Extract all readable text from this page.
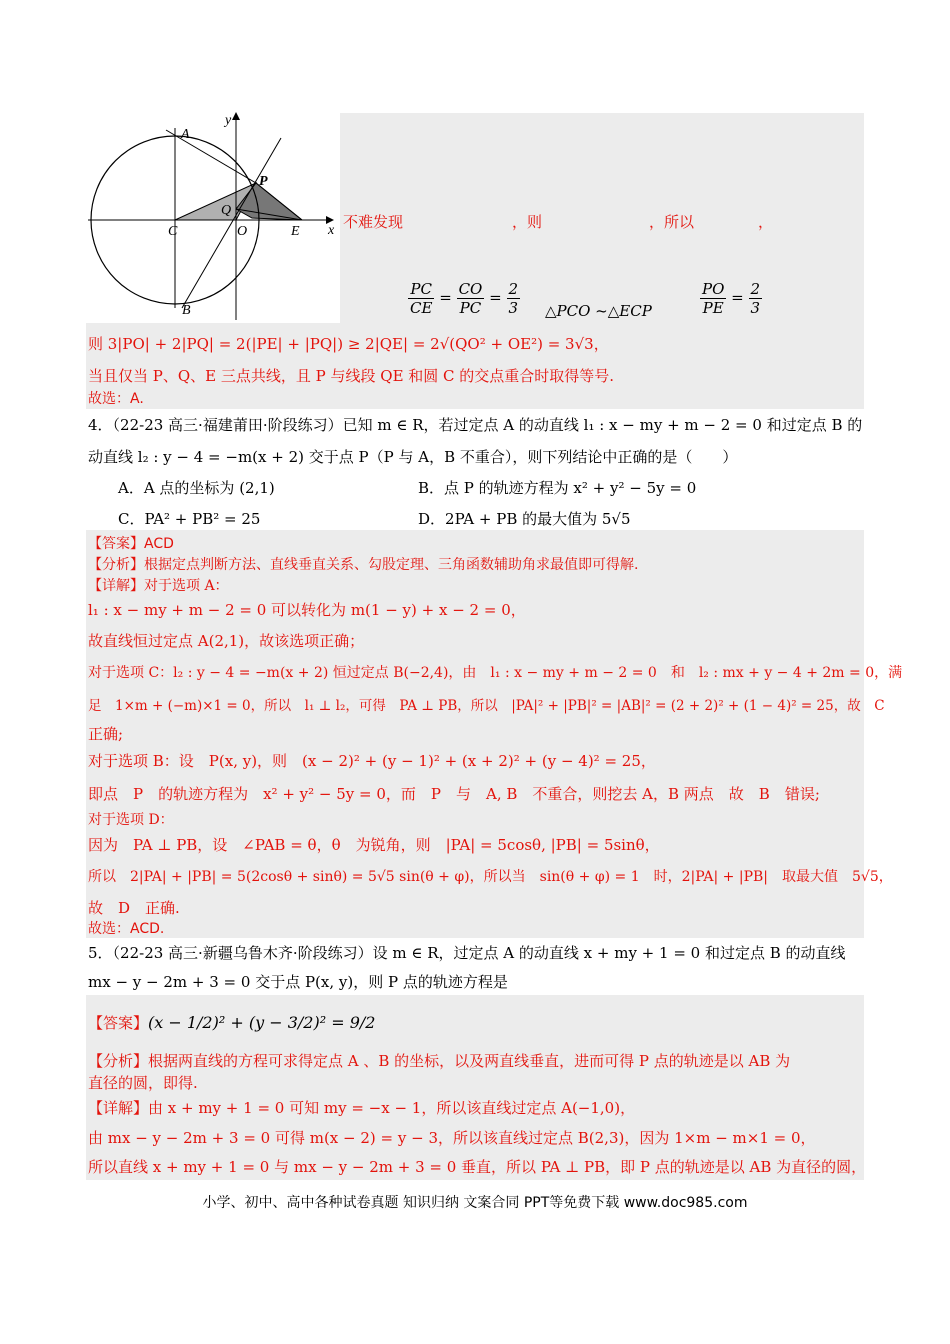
y
x
A
P
Q
C	O	E
B
不难发现	，则	，所以	，
$\frac{PC}{CE} = \frac{CO}{PC} = \frac{2}{3}$ △PCO ~△ECP	$\frac{PO}{PE} = \frac{2}{3}$
则 3|PO| + 2|PQ| = 2(|PE| + |PQ|) ≥ 2|QE| = 2√(QO² + OE²) = 3√3，
当且仅当 P、Q、E 三点共线，且 P 与线段 QE 和圆 C 的交点重合时取得等号.
故选：A.
4．（22-23 高三·福建莆田·阶段练习）已知 m ∈ R，若过定点 A 的动直线 l₁ : x − my + m − 2 = 0 和过定点 B 的
动直线 l₂ : y − 4 = −m(x + 2) 交于点 P（P 与 A，B 不重合），则下列结论中正确的是（　　）
A．A 点的坐标为 (2,1)	B．点 P 的轨迹方程为 x² + y² − 5y = 0
C．PA² + PB² = 25	D．2PA + PB 的最大值为 5√5
【答案】ACD
【分析】根据定点判断方法、直线垂直关系、勾股定理、三角函数辅助角求最值即可得解.
【详解】对于选项 A：
l₁ : x − my + m − 2 = 0 可以转化为 m(1 − y) + x − 2 = 0，
故直线恒过定点 A(2,1)，故该选项正确；
对于选项 C：l₂ : y − 4 = −m(x + 2) 恒过定点 B(−2,4)，由　l₁ : x − my + m − 2 = 0　和　l₂ : mx + y − 4 + 2m = 0，满
足　1×m + (−m)×1 = 0，所以　l₁ ⊥ l₂，可得　PA ⊥ PB，所以　|PA|² + |PB|² = |AB|² = (2 + 2)² + (1 − 4)² = 25，故　C
正确;
对于选项 B：设　P(x, y)，则　(x − 2)² + (y − 1)² + (x + 2)² + (y − 4)² = 25，
即点　P　的轨迹方程为　x² + y² − 5y = 0，而　P　与　A, B　不重合，则挖去 A，B 两点　故　B　错误;
对于选项 D：
因为　PA ⊥ PB，设　∠PAB = θ，θ　为锐角，则　|PA| = 5cosθ, |PB| = 5sinθ，
所以　2|PA| + |PB| = 5(2cosθ + sinθ) = 5√5 sin(θ + φ)，所以当　sin(θ + φ) = 1　时，2|PA| + |PB|　取最大值　5√5，
故　D　正确.
故选：ACD.
5．（22-23 高三·新疆乌鲁木齐·阶段练习）设 m ∈ R，过定点 A 的动直线 x + my + 1 = 0 和过定点 B 的动直线
mx − y − 2m + 3 = 0 交于点 P(x, y)，则 P 点的轨迹方程是
【答案】(x − 1/2)² + (y − 3/2)² = 9/2
【分析】根据两直线的方程可求得定点 A 、B 的坐标，以及两直线垂直，进而可得 P 点的轨迹是以 AB 为
直径的圆，即得.
【详解】由 x + my + 1 = 0 可知 my = −x − 1，所以该直线过定点 A(−1,0)，
由 mx − y − 2m + 3 = 0 可得 m(x − 2) = y − 3，所以该直线过定点 B(2,3)，因为 1×m − m×1 = 0，
所以直线 x + my + 1 = 0 与 mx − y − 2m + 3 = 0 垂直，所以 PA ⊥ PB，即 P 点的轨迹是以 AB 为直径的圆，
小学、初中、高中各种试卷真题 知识归纳 文案合同 PPT等免费下载 www.doc985.com
